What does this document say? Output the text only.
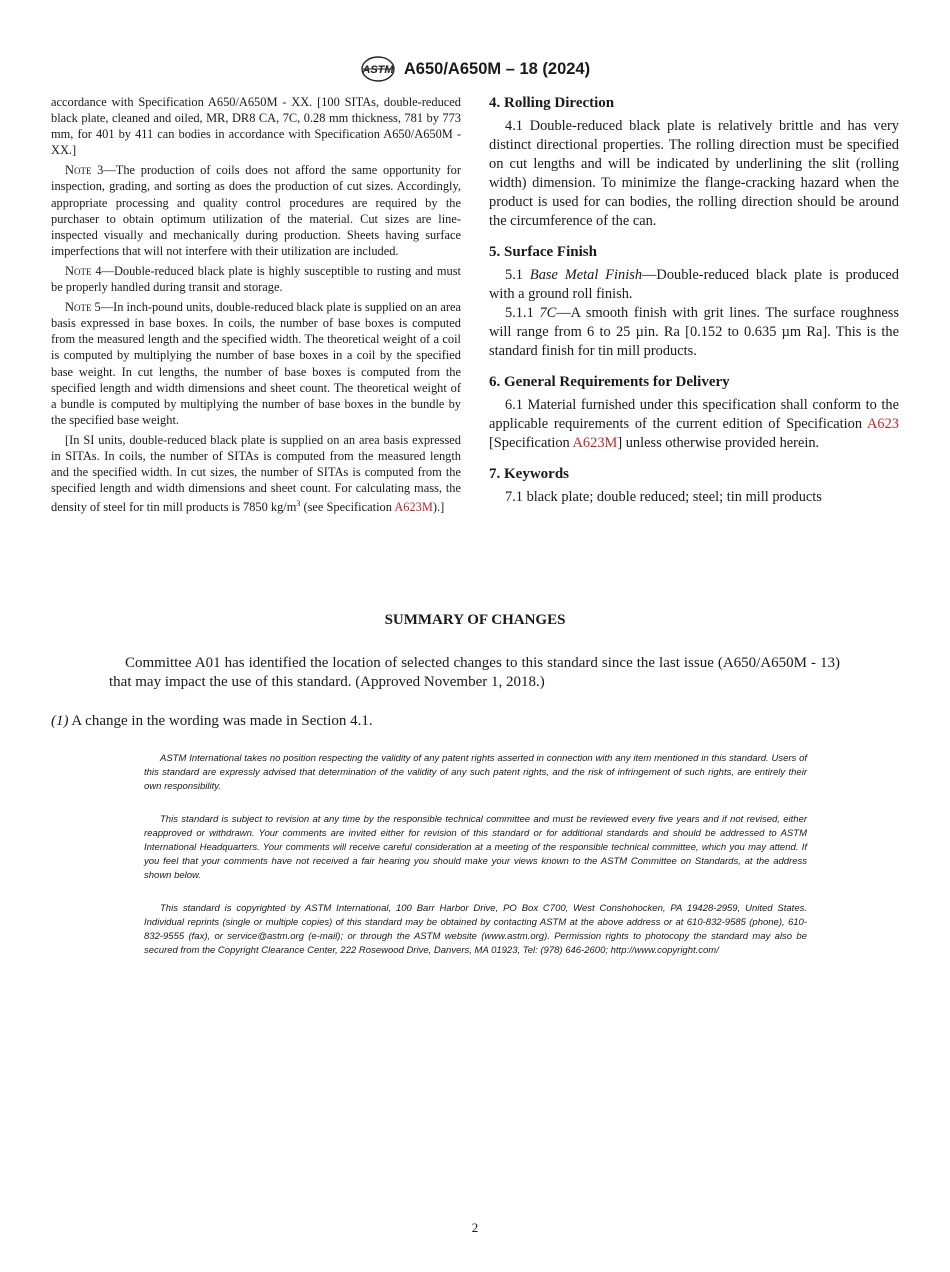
ASTM A650/A650M – 18 (2024)

accordance with Specification A650/A650M - XX. [100 SITAs, double-reduced black plate, cleaned and oiled, MR, DR8 CA, 7C, 0.28 mm thickness, 781 by 773 mm, for 401 by 411 can bodies in accordance with Specification A650/A650M - XX.]

Note 3—The production of coils does not afford the same opportunity for inspection, grading, and sorting as does the production of cut sizes. Accordingly, appropriate processing and quality control procedures are required by the purchaser to obtain optimum utilization of the material. Cut sizes are line-inspected visually and mechanically during production. Sheets having surface imperfections that will not interfere with their utilization are included.

Note 4—Double-reduced black plate is highly susceptible to rusting and must be properly handled during transit and storage.

Note 5—In inch-pound units, double-reduced black plate is supplied on an area basis expressed in base boxes. In coils, the number of base boxes is computed from the measured length and the specified width. The theoretical weight of a coil is computed by multiplying the number of base boxes in a coil by the specified base weight. In cut lengths, the number of base boxes is computed from the specified length and width dimensions and sheet count. The theoretical weight of a bundle is computed by multiplying the number of base boxes in the bundle by the specified base weight.

[In SI units, double-reduced black plate is supplied on an area basis expressed in SITAs. In coils, the number of SITAs is computed from the measured length and the specified width. In cut sizes, the number of SITAs is computed from the specified length and width dimensions and sheet count. For calculating mass, the density of steel for tin mill products is 7850 $kg/m^3$ (see Specification A623M).]

4. Rolling Direction

4.1 Double-reduced black plate is relatively brittle and has very distinct directional properties. The rolling direction must be specified on cut lengths and will be indicated by underlining the slit (rolling width) dimension. To minimize the flange-cracking hazard when the product is used for can bodies, the rolling direction should be around the circumference of the can.

5. Surface Finish

5.1 Base Metal Finish—Double-reduced black plate is produced with a ground roll finish.

5.1.1 7C—A smooth finish with grit lines. The surface roughness will range from 6 to 25 µin. Ra [0.152 to 0.635 µm Ra]. This is the standard finish for tin mill products.

6. General Requirements for Delivery

6.1 Material furnished under this specification shall conform to the applicable requirements of the current edition of Specification A623 [Specification A623M] unless otherwise provided herein.

7. Keywords

7.1 black plate; double reduced; steel; tin mill products

SUMMARY OF CHANGES
Committee A01 has identified the location of selected changes to this standard since the last issue (A650/A650M - 13) that may impact the use of this standard. (Approved November 1, 2018.)
(1) A change in the wording was made in Section 4.1.

ASTM International takes no position respecting the validity of any patent rights asserted in connection with any item mentioned in this standard. Users of this standard are expressly advised that determination of the validity of any such patent rights, and the risk of infringement of such rights, are entirely their own responsibility.

This standard is subject to revision at any time by the responsible technical committee and must be reviewed every five years and if not revised, either reapproved or withdrawn. Your comments are invited either for revision of this standard or for additional standards and should be addressed to ASTM International Headquarters. Your comments will receive careful consideration at a meeting of the responsible technical committee, which you may attend. If you feel that your comments have not received a fair hearing you should make your views known to the ASTM Committee on Standards, at the address shown below.

This standard is copyrighted by ASTM International, 100 Barr Harbor Drive, PO Box C700, West Conshohocken, PA 19428-2959, United States. Individual reprints (single or multiple copies) of this standard may be obtained by contacting ASTM at the above address or at 610-832-9585 (phone), 610-832-9555 (fax), or service@astm.org (e-mail); or through the ASTM website (www.astm.org). Permission rights to photocopy the standard may also be secured from the Copyright Clearance Center, 222 Rosewood Drive, Danvers, MA 01923, Tel: (978) 646-2600; http://www.copyright.com/

2
